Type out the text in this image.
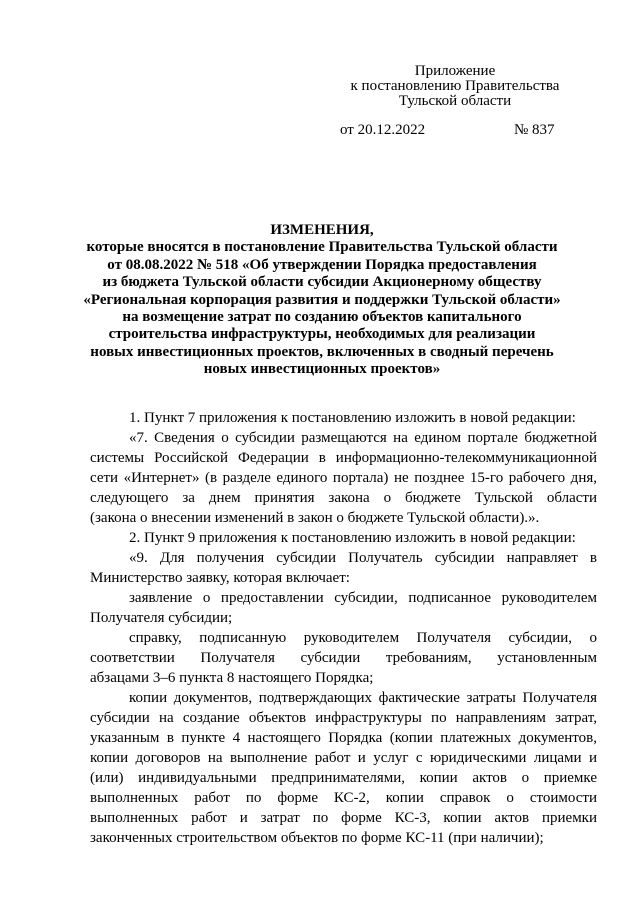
Приложение
к постановлению Правительства
Тульской области
от 20.12.2022	№ 837
ИЗМЕНЕНИЯ,
которые вносятся в постановление Правительства Тульской области
от 08.08.2022 № 518 «Об утверждении Порядка предоставления
из бюджета Тульской области субсидии Акционерному обществу
«Региональная корпорация развития и поддержки Тульской области»
на возмещение затрат по созданию объектов капитального
строительства инфраструктуры, необходимых для реализации
новых инвестиционных проектов, включенных в сводный перечень
новых инвестиционных проектов»
1. Пункт 7 приложения к постановлению изложить в новой редакции:
«7. Сведения о субсидии размещаются на едином портале бюджетной
системы Российской Федерации в информационно-телекоммуникационной
сети «Интернет» (в разделе единого портала) не позднее 15-го рабочего дня,
следующего за днем принятия закона о бюджете Тульской области
(закона о внесении изменений в закон о бюджете Тульской области).».
2. Пункт 9 приложения к постановлению изложить в новой редакции:
«9. Для получения субсидии Получатель субсидии направляет в
Министерство заявку, которая включает:
заявление о предоставлении субсидии, подписанное руководителем
Получателя субсидии;
справку, подписанную руководителем Получателя субсидии, о
соответствии Получателя субсидии требованиям, установленным
абзацами 3–6 пункта 8 настоящего Порядка;
копии документов, подтверждающих фактические затраты Получателя
субсидии на создание объектов инфраструктуры по направлениям затрат,
указанным в пункте 4 настоящего Порядка (копии платежных документов,
копии договоров на выполнение работ и услуг с юридическими лицами и
(или) индивидуальными предпринимателями, копии актов о приемке
выполненных работ по форме КС-2, копии справок о стоимости
выполненных работ и затрат по форме КС-3, копии актов приемки
законченных строительством объектов по форме КС-11 (при наличии);
